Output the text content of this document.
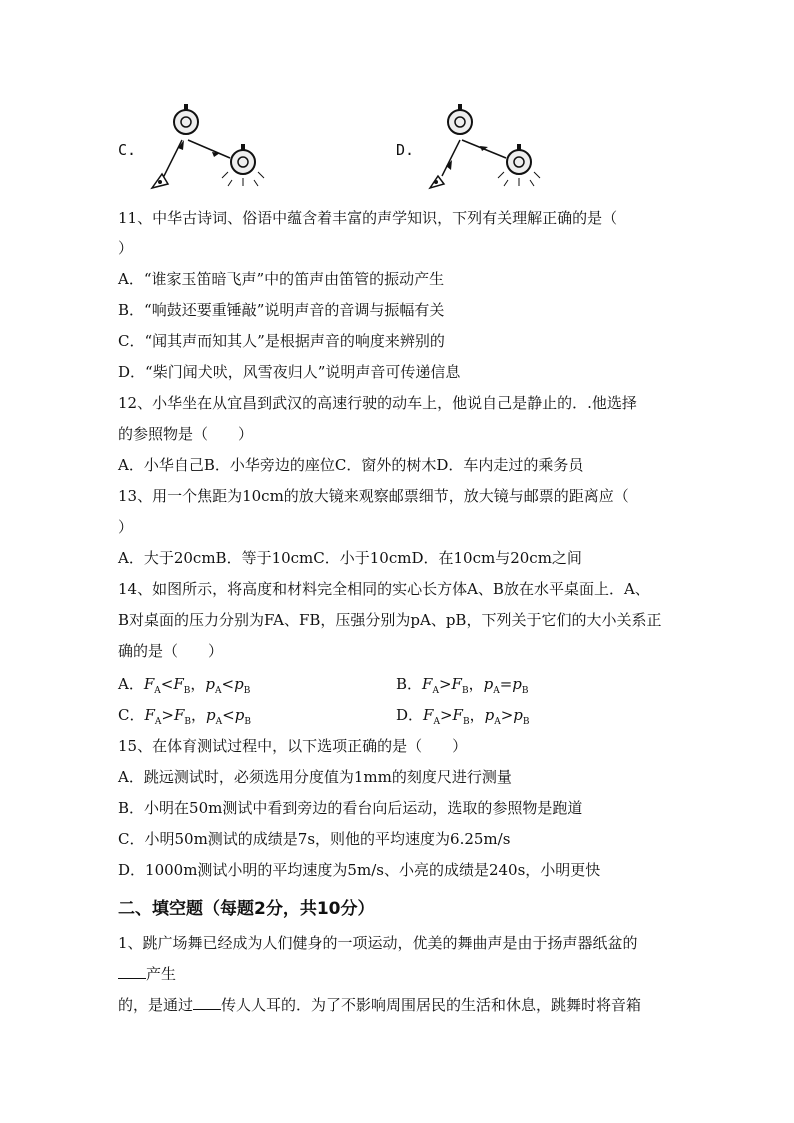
C.	D.
11、中华古诗词、俗语中蕴含着丰富的声学知识，下列有关理解正确的是（
）
A．“谁家玉笛暗飞声”中的笛声由笛管的振动产生
B．“响鼓还要重锤敲”说明声音的音调与振幅有关
C．“闻其声而知其人”是根据声音的响度来辨别的
D．“柴门闻犬吠，风雪夜归人”说明声音可传递信息
12、小华坐在从宜昌到武汉的高速行驶的动车上，他说自己是静止的．.他选择
的参照物是（　　）
A．小华自己B．小华旁边的座位C．窗外的树木D．车内走过的乘务员
13、用一个焦距为10cm的放大镜来观察邮票细节，放大镜与邮票的距离应（
）
A．大于20cmB．等于10cmC．小于10cmD．在10cm与20cm之间
14、如图所示，将高度和材料完全相同的实心长方体A、B放在水平桌面上．A、
B对桌面的压力分别为FA、FB，压强分别为pA、pB，下列关于它们的大小关系正
确的是（　　）
A．$F_A<F_B$，$p_A<p_B$	B．$F_A>F_B$，$p_A=p_B$
C．$F_A>F_B$，$p_A<p_B$	D．$F_A>F_B$，$p_A>p_B$
15、在体育测试过程中，以下选项正确的是（　　）
A．跳远测试时，必须选用分度值为1mm的刻度尺进行测量
B．小明在50m测试中看到旁边的看台向后运动，选取的参照物是跑道
C．小明50m测试的成绩是7s，则他的平均速度为6.25m/s
D．1000m测试小明的平均速度为5m/s、小亮的成绩是240s，小明更快
二、填空题（每题2分，共10分）
1、跳广场舞已经成为人们健身的一项运动，优美的舞曲声是由于扬声器纸盆的
产生
的，是通过 传人人耳的．为了不影响周围居民的生活和休息，跳舞时将音箱
